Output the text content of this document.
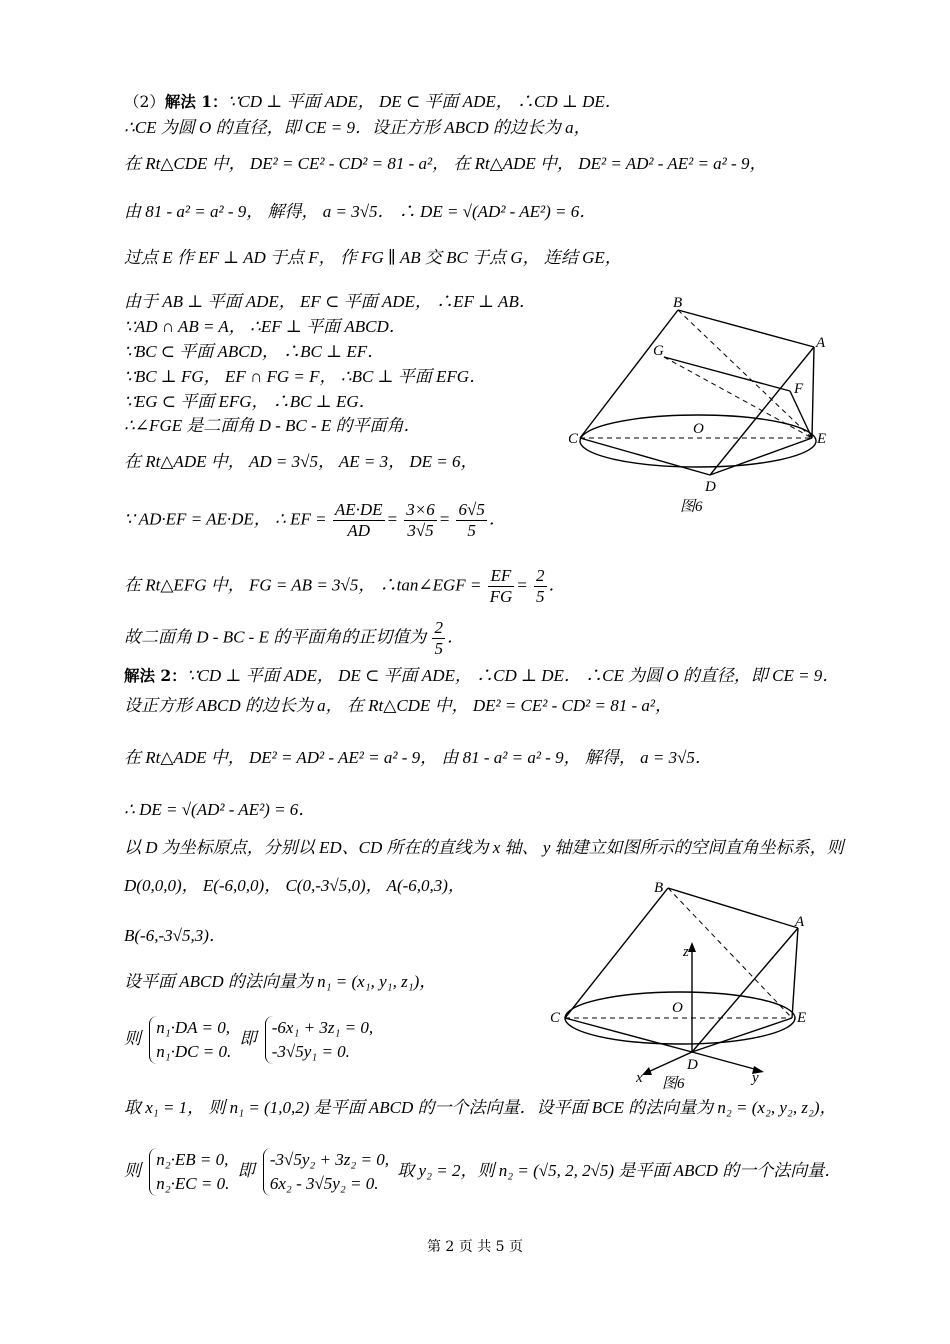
（2）解法 1：∵CD ⊥ 平面 ADE， DE ⊂ 平面 ADE， ∴CD ⊥ DE．
∴CE 为圆 O 的直径，即 CE = 9．设正方形 ABCD 的边长为 a，
在 Rt△CDE 中， DE² = CE² - CD² = 81 - a²， 在 Rt△ADE 中， DE² = AD² - AE² = a² - 9，
由 81 - a² = a² - 9， 解得， a = 3√5． ∴ DE = √(AD² - AE²) = 6．
过点 E 作 EF ⊥ AD 于点 F， 作 FG ∥ AB 交 BC 于点 G， 连结 GE，
由于 AB ⊥ 平面 ADE， EF ⊂ 平面 ADE， ∴EF ⊥ AB．
∵AD ∩ AB = A， ∴EF ⊥ 平面 ABCD．
∵BC ⊂ 平面 ABCD， ∴BC ⊥ EF．
∵BC ⊥ FG， EF ∩ FG = F， ∴BC ⊥ 平面 EFG．
∵EG ⊂ 平面 EFG， ∴BC ⊥ EG．
∴∠FGE 是二面角 D - BC - E 的平面角．
在 Rt△ADE 中， AD = 3√5， AE = 3， DE = 6，
∵ AD·EF = AE·DE， ∴ EF = $\frac{AE\cdot DE}{AD} = \frac{3\times 6}{3√5} = \frac{6√5}{5}$ ．
在 Rt△EFG 中， FG = AB = 3√5， ∴tan∠EGF = $\frac{EF}{FG} = \frac{2}{5}$ ．
故二面角 D - BC - E 的平面角的正切值为 $\frac{2}{5}$ ．
解法 2：∵CD ⊥ 平面 ADE， DE ⊂ 平面 ADE， ∴CD ⊥ DE． ∴CE 为圆 O 的直径，即 CE = 9．
设正方形 ABCD 的边长为 a， 在 Rt△CDE 中， DE² = CE² - CD² = 81 - a²，
在 Rt△ADE 中， DE² = AD² - AE² = a² - 9， 由 81 - a² = a² - 9， 解得， a = 3√5．
∴ DE = √(AD² - AE²) = 6．
以 D 为坐标原点，分别以 ED、CD 所在的直线为 x 轴、 y 轴建立如图所示的空间直角坐标系，则
D(0,0,0)， E(-6,0,0)， C(0,-3√5,0)， A(-6,0,3)，
B(-6,-3√5,3)．
设平面 ABCD 的法向量为 n₁ = (x₁, y₁, z₁)，
则
n₁·DA = 0,
n₁·DC = 0.
即
-6x₁ + 3z₁ = 0,
-3√5y₁ = 0.
取 x₁ = 1， 则 n₁ = (1,0,2) 是平面 ABCD 的一个法向量．设平面 BCE 的法向量为 n₂ = (x₂, y₂, z₂)，
则
n₂·EB = 0,
n₂·EC = 0.
即
-3√5y₂ + 3z₂ = 0,
6x₂ - 3√5y₂ = 0.
取 y₂ = 2，则 n₂ = (√5, 2, 2√5) 是平面 ABCD 的一个法向量．
B
A
G
F
C
O
E
D
图6
B
A
z
O
C	E
D
x	y
图6
第 2 页 共 5 页
